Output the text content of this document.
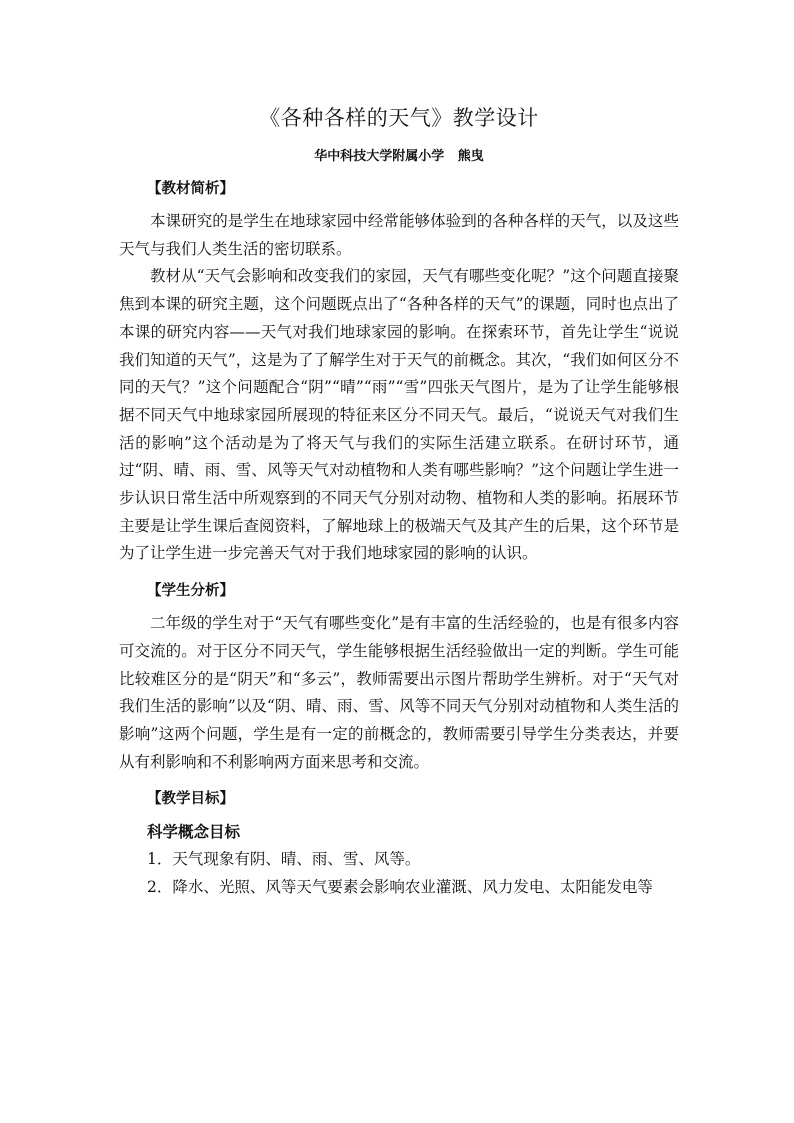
《各种各样的天气》教学设计
华中科技大学附属小学   熊曳
【教材简析】

本课研究的是学生在地球家园中经常能够体验到的各种各样的天气，以及这些天气与我们人类生活的密切联系。

教材从“天气会影响和改变我们的家园，天气有哪些变化呢？”这个问题直接聚焦到本课的研究主题，这个问题既点出了“各种各样的天气”的课题，同时也点出了本课的研究内容——天气对我们地球家园的影响。在探索环节，首先让学生“说说我们知道的天气”，这是为了了解学生对于天气的前概念。其次，“我们如何区分不同的天气？”这个问题配合“阴”“晴”“雨”“雪”四张天气图片，是为了让学生能够根据不同天气中地球家园所展现的特征来区分不同天气。最后，“说说天气对我们生活的影响”这个活动是为了将天气与我们的实际生活建立联系。在研讨环节，通过“阴、晴、雨、雪、风等天气对动植物和人类有哪些影响？”这个问题让学生进一步认识日常生活中所观察到的不同天气分别对动物、植物和人类的影响。拓展环节主要是让学生课后查阅资料，了解地球上的极端天气及其产生的后果，这个环节是为了让学生进一步完善天气对于我们地球家园的影响的认识。

【学生分析】

二年级的学生对于“天气有哪些变化”是有丰富的生活经验的，也是有很多内容可交流的。对于区分不同天气，学生能够根据生活经验做出一定的判断。学生可能比较难区分的是“阴天”和“多云”，教师需要出示图片帮助学生辨析。对于“天气对我们生活的影响”以及“阴、晴、雨、雪、风等不同天气分别对动植物和人类生活的影响”这两个问题，学生是有一定的前概念的，教师需要引导学生分类表达，并要从有利影响和不利影响两方面来思考和交流。

【教学目标】
科学概念目标
1．天气现象有阴、晴、雨、雪、风等。
2．降水、光照、风等天气要素会影响农业灌溉、风力发电、太阳能发电等
